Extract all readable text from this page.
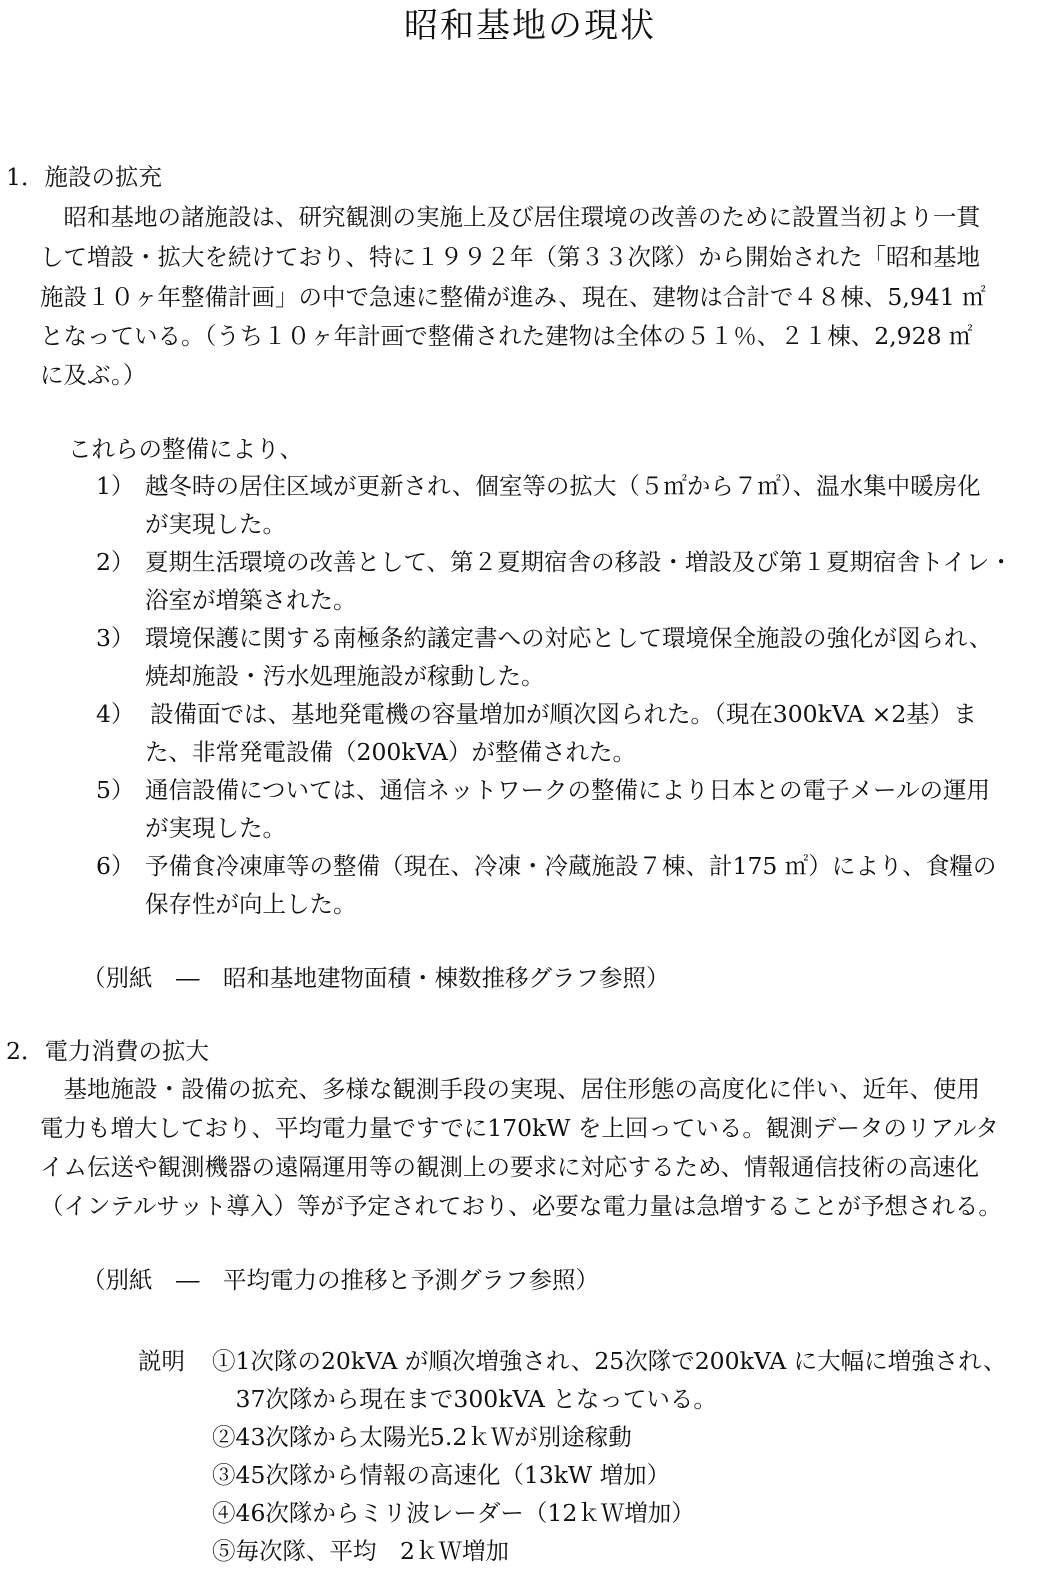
昭和基地の現状
1．施設の拡充
　昭和基地の諸施設は、研究観測の実施上及び居住環境の改善のために設置当初より一貫
して増設・拡大を続けており、特に１９９２年（第３３次隊）から開始された「昭和基地
施設１０ヶ年整備計画」の中で急速に整備が進み、現在、建物は合計で４８棟、5,941 ㎡
となっている。（うち１０ヶ年計画で整備された建物は全体の５１％、２１棟、2,928 ㎡
に及ぶ。）
これらの整備により、
1） 越冬時の居住区域が更新され、個室等の拡大（５㎡から７㎡）、温水集中暖房化
が実現した。
2） 夏期生活環境の改善として、第２夏期宿舎の移設・増設及び第１夏期宿舎トイレ・
浴室が増築された。
3） 環境保護に関する南極条約議定書への対応として環境保全施設の強化が図られ、
焼却施設・汚水処理施設が稼動した。
4） 設備面では、基地発電機の容量増加が順次図られた。（現在300kVA ×2基）ま
た、非常発電設備（200kVA）が整備された。
5） 通信設備については、通信ネットワークの整備により日本との電子メールの運用
が実現した。
6） 予備食冷凍庫等の整備（現在、冷凍・冷蔵施設７棟、計175 ㎡）により、食糧の
保存性が向上した。
（別紙　―　昭和基地建物面積・棟数推移グラフ参照）
2．電力消費の拡大
　基地施設・設備の拡充、多様な観測手段の実現、居住形態の高度化に伴い、近年、使用
電力も増大しており、平均電力量ですでに170kW を上回っている。観測データのリアルタ
イム伝送や観測機器の遠隔運用等の観測上の要求に対応するため、情報通信技術の高速化
（インテルサット導入）等が予定されており、必要な電力量は急増することが予想される。
（別紙　―　平均電力の推移と予測グラフ参照）
説明 ①1次隊の20kVA が順次増強され、25次隊で200kVA に大幅に増強され、
　37次隊から現在まで300kVA となっている。
②43次隊から太陽光5.2ｋＷが別途稼動
③45次隊から情報の高速化（13kW 増加）
④46次隊からミリ波レーダー（12ｋＷ増加）
⑤毎次隊、平均　2ｋＷ増加
